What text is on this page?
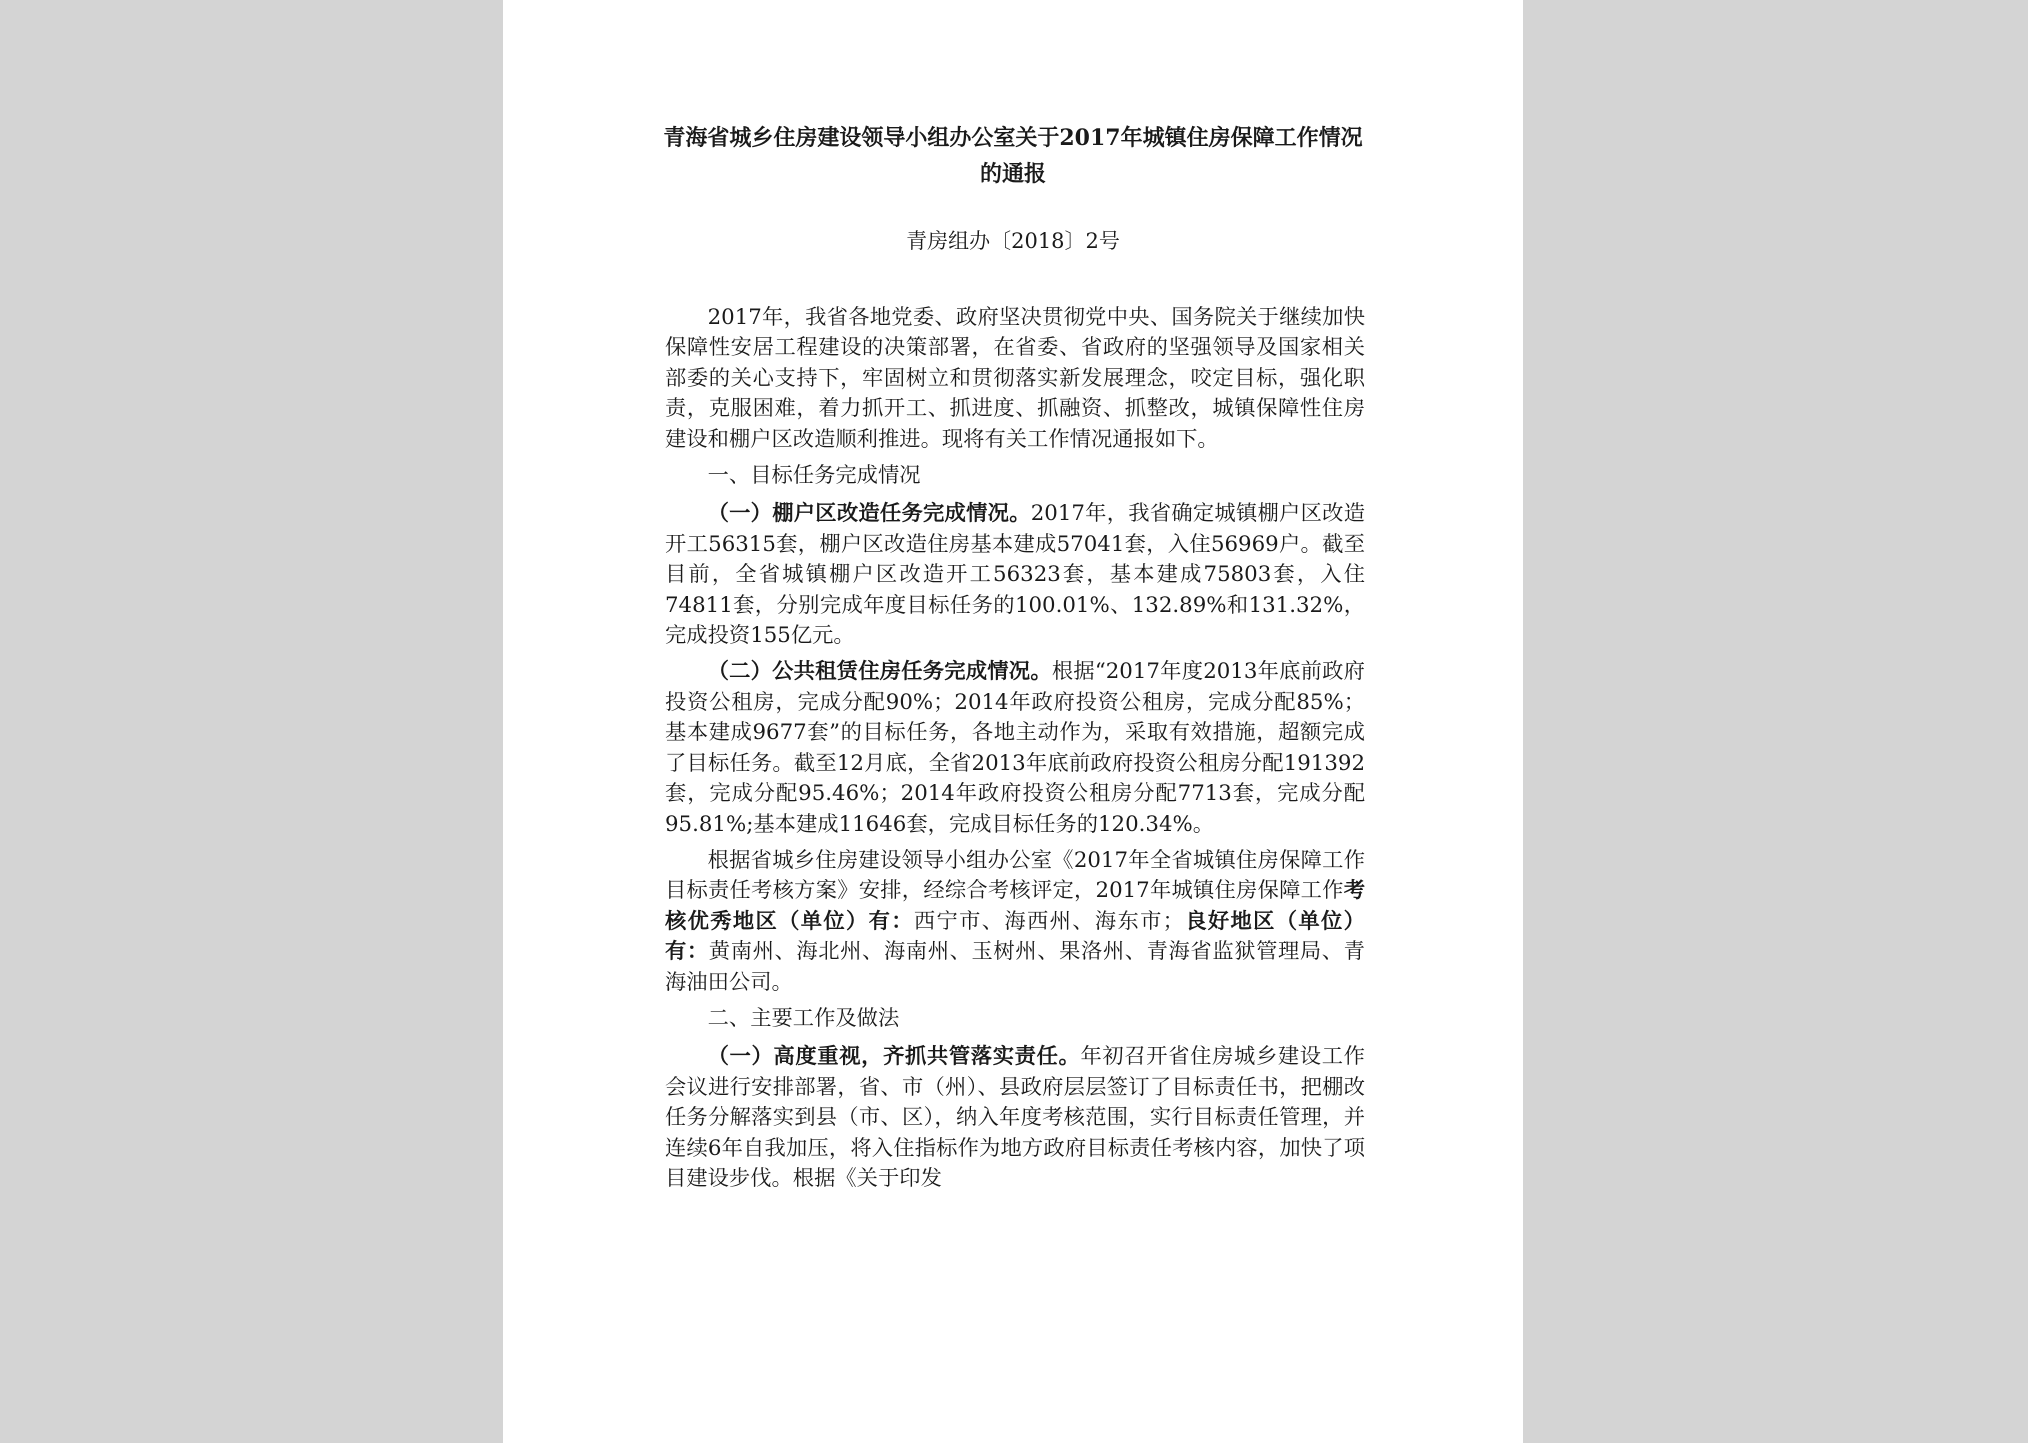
青海省城乡住房建设领导小组办公室关于2017年城镇住房保障工作情况的通报
青房组办〔2018〕2号

2017年，我省各地党委、政府坚决贯彻党中央、国务院关于继续加快保障性安居工程建设的决策部署，在省委、省政府的坚强领导及国家相关部委的关心支持下，牢固树立和贯彻落实新发展理念，咬定目标，强化职责，克服困难，着力抓开工、抓进度、抓融资、抓整改，城镇保障性住房建设和棚户区改造顺利推进。现将有关工作情况通报如下。

一、目标任务完成情况

（一）棚户区改造任务完成情况。2017年，我省确定城镇棚户区改造开工56315套，棚户区改造住房基本建成57041套，入住56969户。截至目前，全省城镇棚户区改造开工56323套，基本建成75803套，入住74811套，分别完成年度目标任务的100.01%、132.89%和131.32%，完成投资155亿元。

（二）公共租赁住房任务完成情况。根据“2017年度2013年底前政府投资公租房，完成分配90%；2014年政府投资公租房，完成分配85%；基本建成9677套”的目标任务，各地主动作为，采取有效措施，超额完成了目标任务。截至12月底，全省2013年底前政府投资公租房分配191392套，完成分配95.46%；2014年政府投资公租房分配7713套，完成分配95.81%;基本建成11646套，完成目标任务的120.34%。

根据省城乡住房建设领导小组办公室《2017年全省城镇住房保障工作目标责任考核方案》安排，经综合考核评定，2017年城镇住房保障工作考核优秀地区（单位）有：西宁市、海西州、海东市；良好地区（单位）有：黄南州、海北州、海南州、玉树州、果洛州、青海省监狱管理局、青海油田公司。

二、主要工作及做法

（一）高度重视，齐抓共管落实责任。年初召开省住房城乡建设工作会议进行安排部署，省、市（州）、县政府层层签订了目标责任书，把棚改任务分解落实到县（市、区），纳入年度考核范围，实行目标责任管理，并连续6年自我加压，将入住指标作为地方政府目标责任考核内容，加快了项目建设步伐。根据《关于印发
